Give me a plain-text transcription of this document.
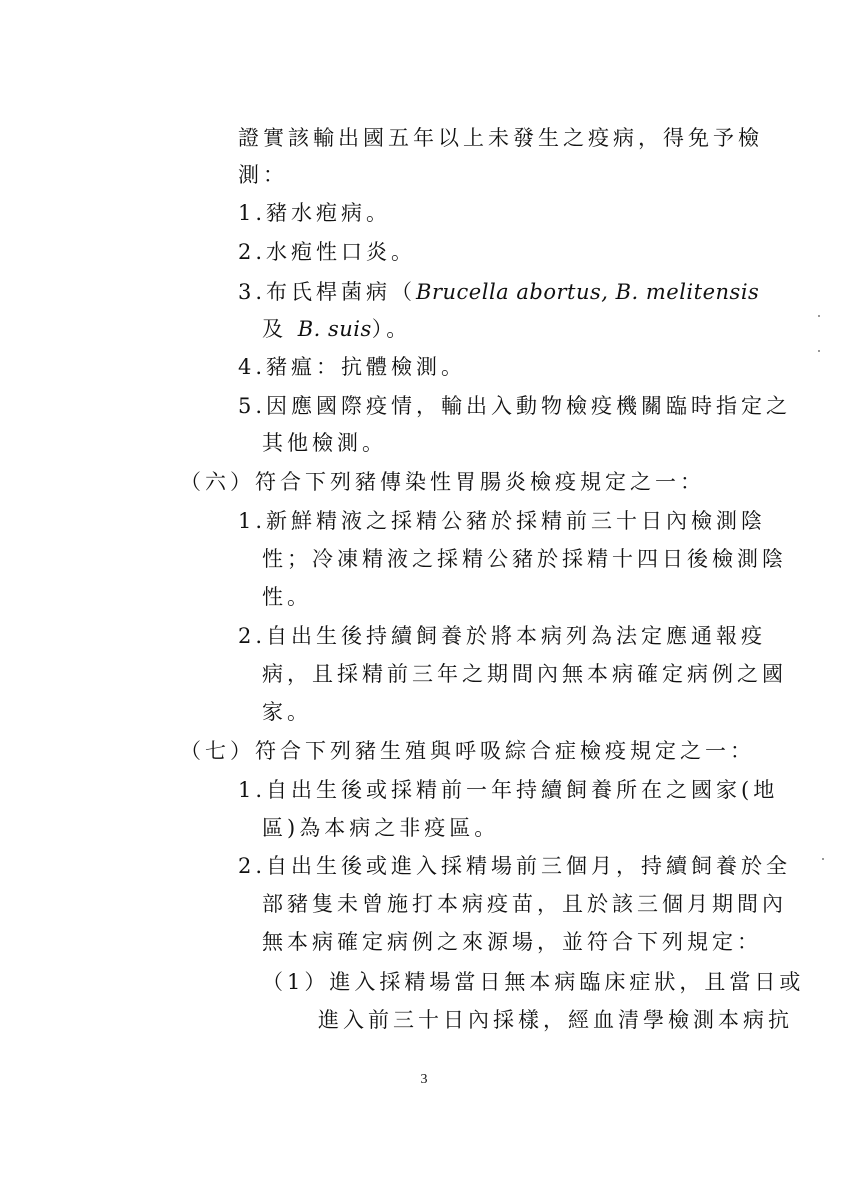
證實該輸出國五年以上未發生之疫病，得免予檢
測：
1.豬水疱病。
2.水疱性口炎。
3.布氏桿菌病（Brucella abortus, B. melitensis
及 B. suis）。
4.豬瘟：抗體檢測。
5.因應國際疫情，輸出入動物檢疫機關臨時指定之
其他檢測。
（六）符合下列豬傳染性胃腸炎檢疫規定之一：
1.新鮮精液之採精公豬於採精前三十日內檢測陰
性；冷凍精液之採精公豬於採精十四日後檢測陰
性。
2.自出生後持續飼養於將本病列為法定應通報疫
病，且採精前三年之期間內無本病確定病例之國
家。
（七）符合下列豬生殖與呼吸綜合症檢疫規定之一：
1.自出生後或採精前一年持續飼養所在之國家(地
區)為本病之非疫區。
2.自出生後或進入採精場前三個月，持續飼養於全
部豬隻未曾施打本病疫苗，且於該三個月期間內
無本病確定病例之來源場，並符合下列規定：
（1）進入採精場當日無本病臨床症狀，且當日或
進入前三十日內採樣，經血清學檢測本病抗
3
